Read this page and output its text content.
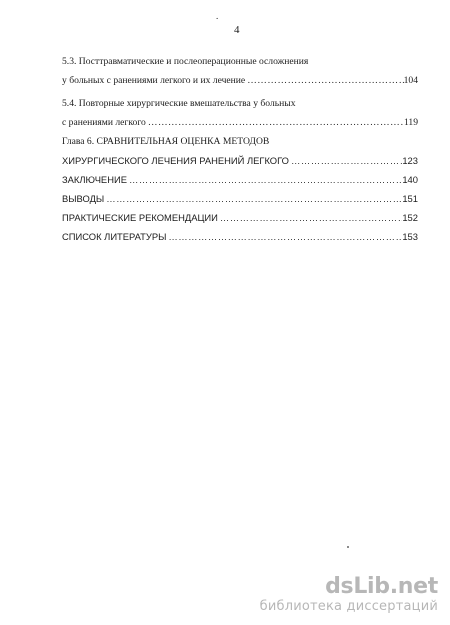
.
4
5.3. Посттравматические и послеоперационные осложнения
у больных с ранениями легкого и их лечение …………………………………………………………………………………………………………………………………	104
5.4. Повторные хирургические вмешательства у больных
с ранениями легкого …………………………………………………………………………………………………………………………………	119
Глава 6. СРАВНИТЕЛЬНАЯ ОЦЕНКА МЕТОДОВ
ХИРУРГИЧЕСКОГО ЛЕЧЕНИЯ РАНЕНИЙ ЛЕГКОГО …………………………………………………………………………………………………………………………………	123
ЗАКЛЮЧЕНИЕ …………………………………………………………………………………………………………………………………	140
ВЫВОДЫ …………………………………………………………………………………………………………………………………	151
ПРАКТИЧЕСКИЕ РЕКОМЕНДАЦИИ …………………………………………………………………………………………………………………………………	152
СПИСОК ЛИТЕРАТУРЫ …………………………………………………………………………………………………………………………………	153
dsLib.net
библиотека диссертаций
